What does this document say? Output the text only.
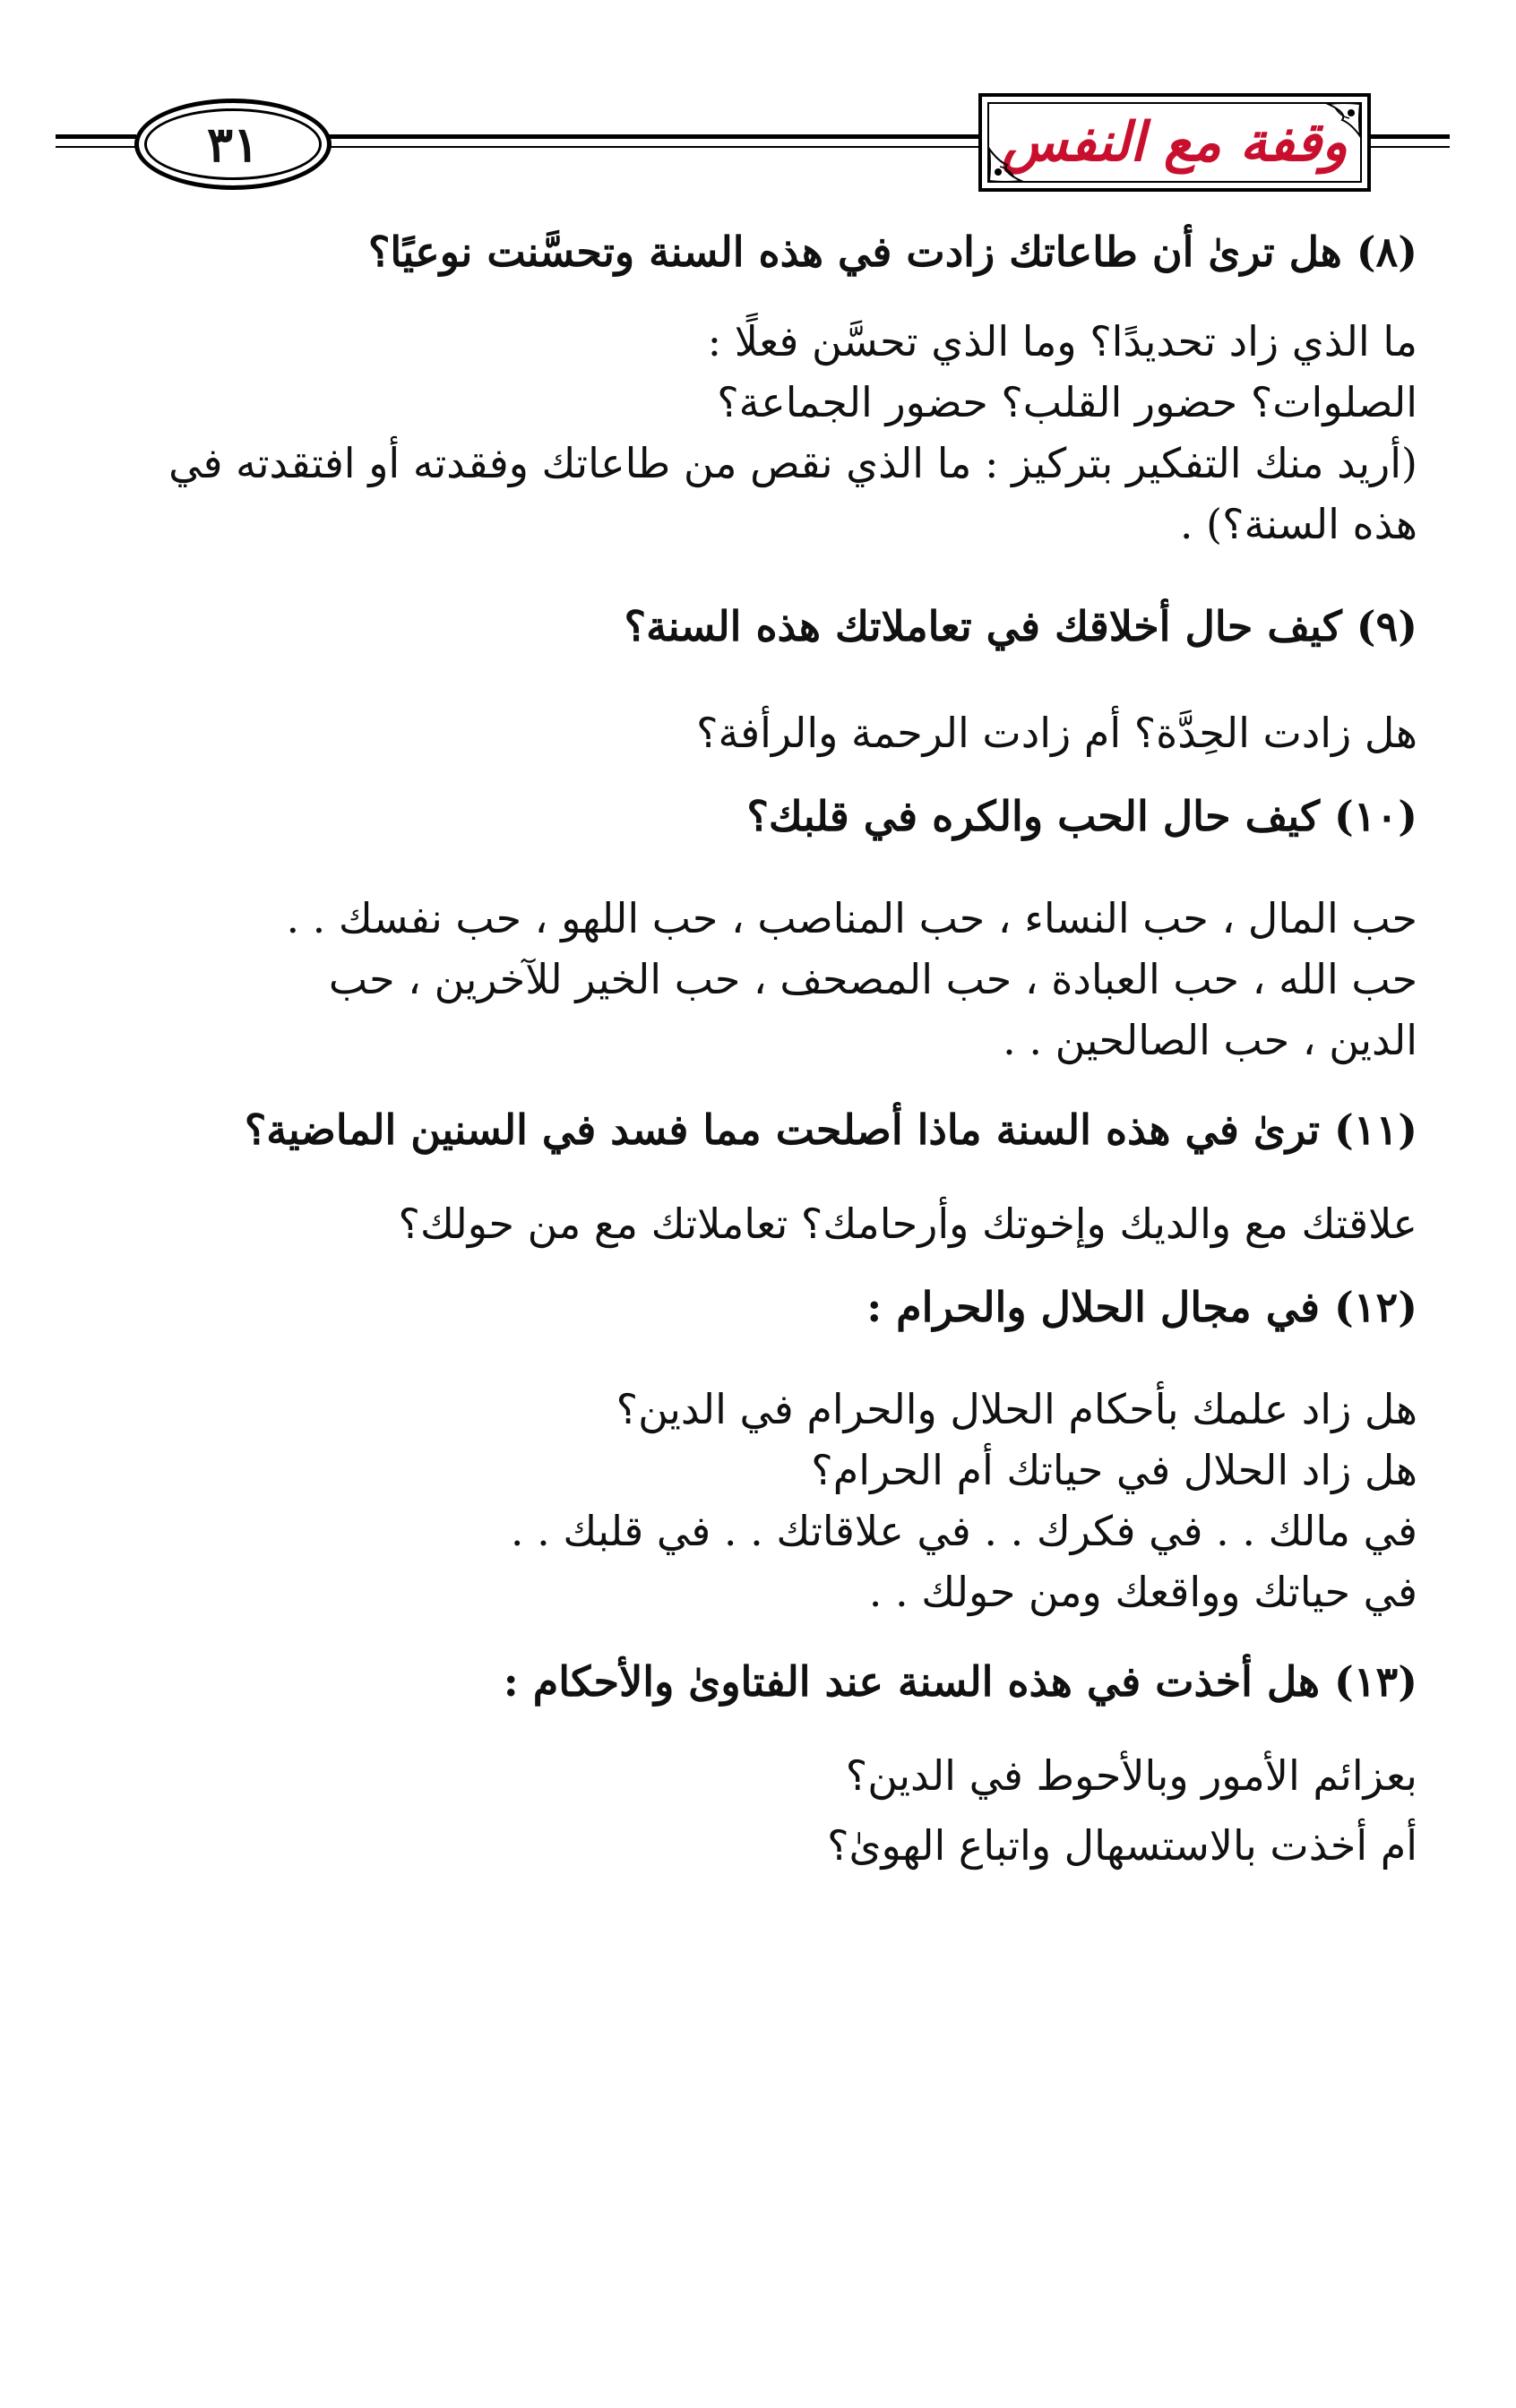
٣١	وقفة مع النفس

(٨) هل ترىٰ أن طاعاتك زادت في هذه السنة وتحسَّنت نوعيًا؟

ما الذي زاد تحديدًا؟ وما الذي تحسَّن فعلًا :

الصلوات؟ حضور القلب؟ حضور الجماعة؟

(أريد منك التفكير بتركيز : ما الذي نقص من طاعاتك وفقدته أو افتقدته في

هذه السنة؟) .

(٩) كيف حال أخلاقك في تعاملاتك هذه السنة؟

هل زادت الحِدَّة؟ أم زادت الرحمة والرأفة؟

(١٠) كيف حال الحب والكره في قلبك؟

حب المال ، حب النساء ، حب المناصب ، حب اللهو ، حب نفسك . .

حب الله ، حب العبادة ، حب المصحف ، حب الخير للآخرين ، حب

الدين ، حب الصالحين . .

(١١) ترىٰ في هذه السنة ماذا أصلحت مما فسد في السنين الماضية؟

علاقتك مع والديك وإخوتك وأرحامك؟ تعاملاتك مع من حولك؟

(١٢) في مجال الحلال والحرام :

هل زاد علمك بأحكام الحلال والحرام في الدين؟

هل زاد الحلال في حياتك أم الحرام؟

في مالك . . في فكرك . . في علاقاتك . . في قلبك . .

في حياتك وواقعك ومن حولك . .

(١٣) هل أخذت في هذه السنة عند الفتاوىٰ والأحكام :

بعزائم الأمور وبالأحوط في الدين؟

أم أخذت بالاستسهال واتباع الهوىٰ؟
